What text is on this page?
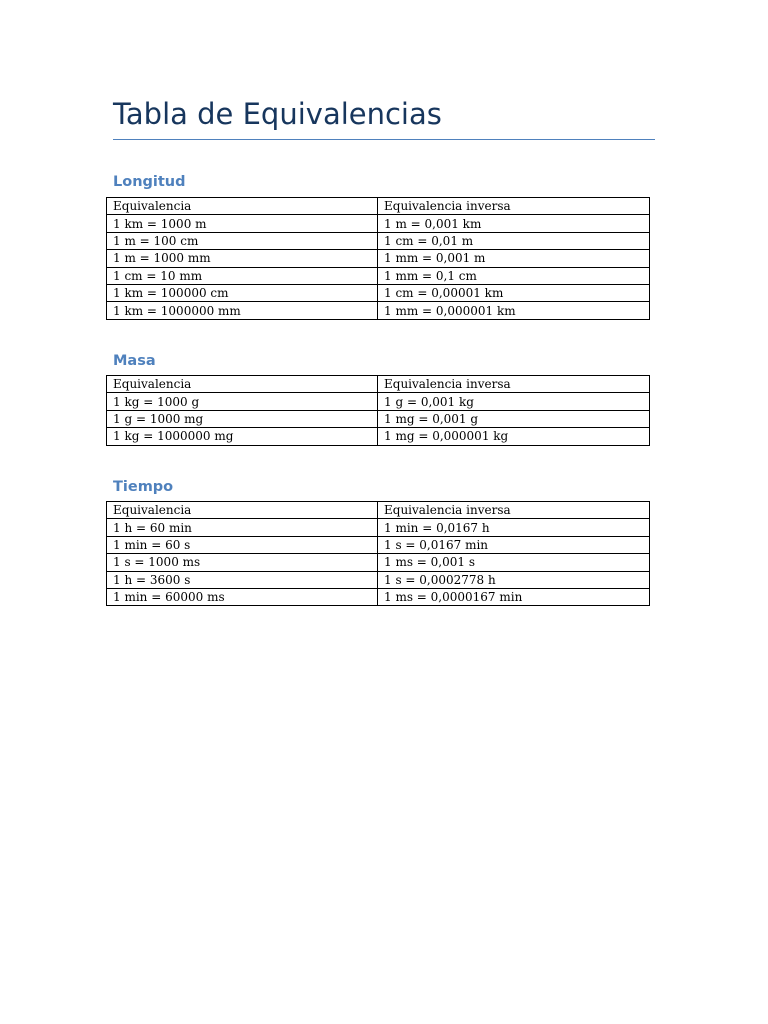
Tabla de Equivalencias
Longitud
Equivalencia	Equivalencia inversa
1 km = 1000 m	1 m = 0,001 km
1 m = 100 cm	1 cm = 0,01 m
1 m = 1000 mm	1 mm = 0,001 m
1 cm = 10 mm	1 mm = 0,1 cm
1 km = 100000 cm	1 cm = 0,00001 km
1 km = 1000000 mm	1 mm = 0,000001 km
Masa
Equivalencia	Equivalencia inversa
1 kg = 1000 g	1 g = 0,001 kg
1 g = 1000 mg	1 mg = 0,001 g
1 kg = 1000000 mg	1 mg = 0,000001 kg
Tiempo
Equivalencia	Equivalencia inversa
1 h = 60 min	1 min = 0,0167 h
1 min = 60 s	1 s = 0,0167 min
1 s = 1000 ms	1 ms = 0,001 s
1 h = 3600 s	1 s = 0,0002778 h
1 min = 60000 ms	1 ms = 0,0000167 min
